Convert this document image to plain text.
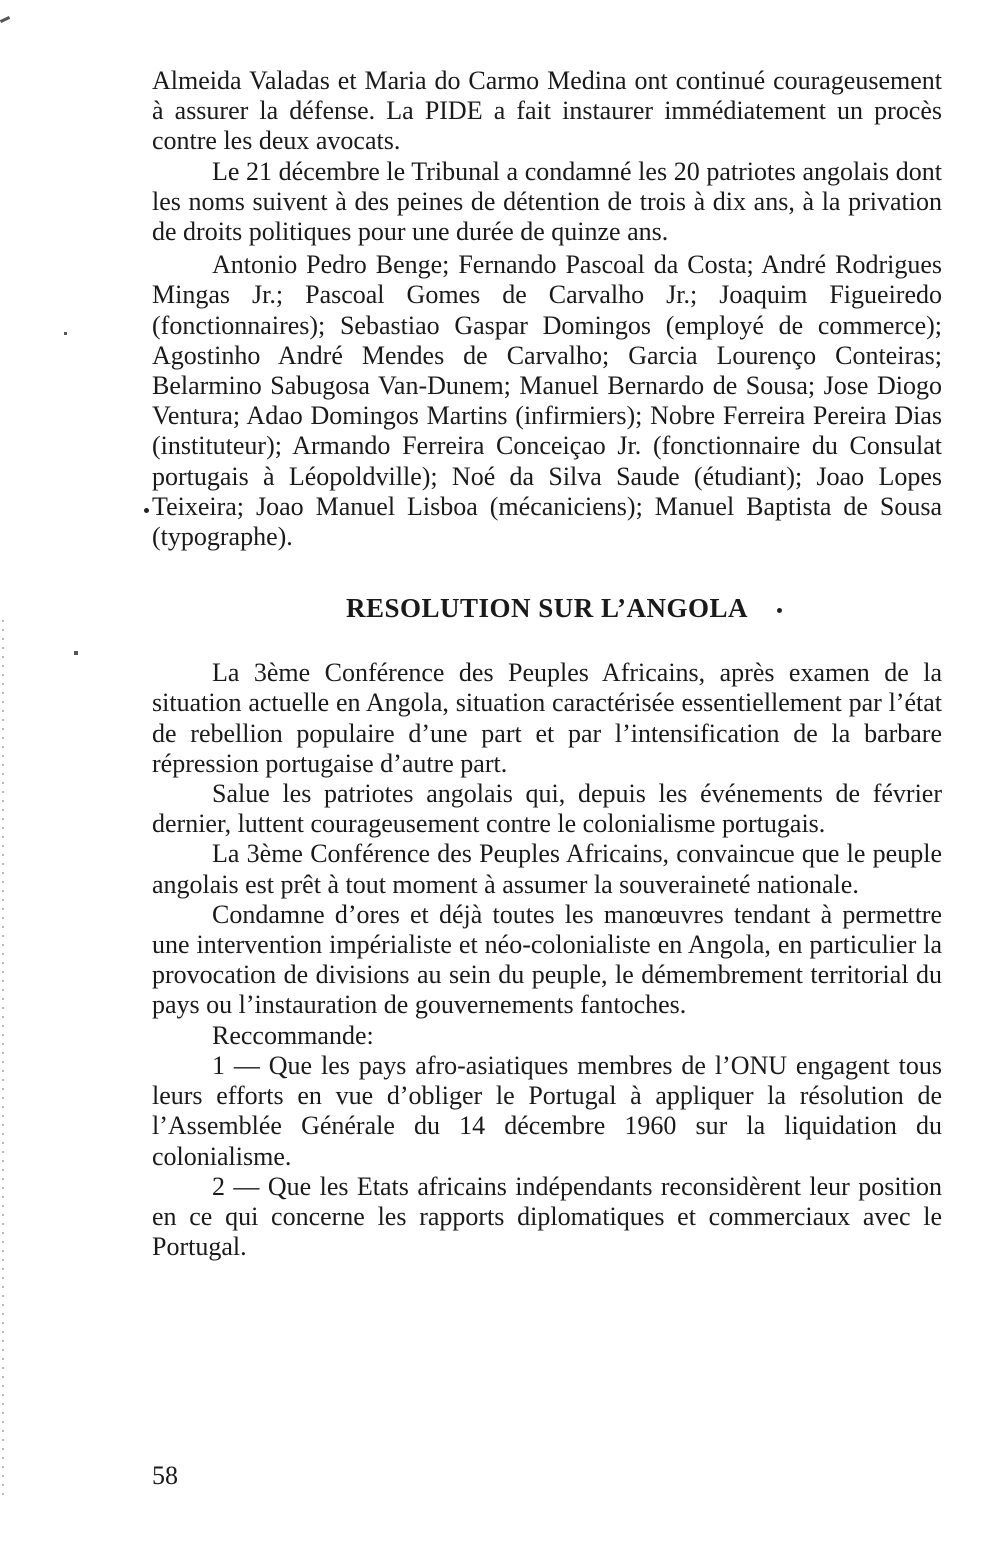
Almeida Valadas et Maria do Carmo Medina ont continué courageusement à assurer la défense. La PIDE a fait instaurer immédiatement un procès contre les deux avocats.

Le 21 décembre le Tribunal a condamné les 20 patriotes angolais dont les noms suivent à des peines de détention de trois à dix ans, à la privation de droits politiques pour une durée de quinze ans.

Antonio Pedro Benge; Fernando Pascoal da Costa; André Rodrigues Mingas Jr.; Pascoal Gomes de Carvalho Jr.; Joaquim Figueiredo (fonctionnaires); Sebastiao Gaspar Domingos (employé de commerce); Agostinho André Mendes de Carvalho; Garcia Lourenço Conteiras; Belarmino Sabugosa Van-Dunem; Manuel Bernardo de Sousa; Jose Diogo Ventura; Adao Domingos Martins (infirmiers); Nobre Ferreira Pereira Dias (instituteur); Armando Ferreira Conceiçao Jr. (fonctionnaire du Consulat portugais à Léopoldville); Noé da Silva Saude (étudiant); Joao Lopes Teixeira; Joao Manuel Lisboa (mécaniciens); Manuel Baptista de Sousa (typographe).

RESOLUTION SUR L’ANGOLA

La 3ème Conférence des Peuples Africains, après examen de la situation actuelle en Angola, situation caractérisée essentiellement par l’état de rebellion populaire d’une part et par l’intensification de la barbare répression portugaise d’autre part.

Salue les patriotes angolais qui, depuis les événements de février dernier, luttent courageusement contre le colonialisme portugais.

La 3ème Conférence des Peuples Africains, convaincue que le peuple angolais est prêt à tout moment à assumer la souveraineté nationale.

Condamne d’ores et déjà toutes les manœuvres tendant à permettre une intervention impérialiste et néo-colonialiste en Angola, en particulier la provocation de divisions au sein du peuple, le démembrement territorial du pays ou l’instauration de gouvernements fantoches.

Reccommande:

1 — Que les pays afro-asiatiques membres de l’ONU engagent tous leurs efforts en vue d’obliger le Portugal à appliquer la résolution de l’Assemblée Générale du 14 décembre 1960 sur la liquidation du colonialisme.

2 — Que les Etats africains indépendants reconsidèrent leur position en ce qui concerne les rapports diplomatiques et commerciaux avec le Portugal.

58
